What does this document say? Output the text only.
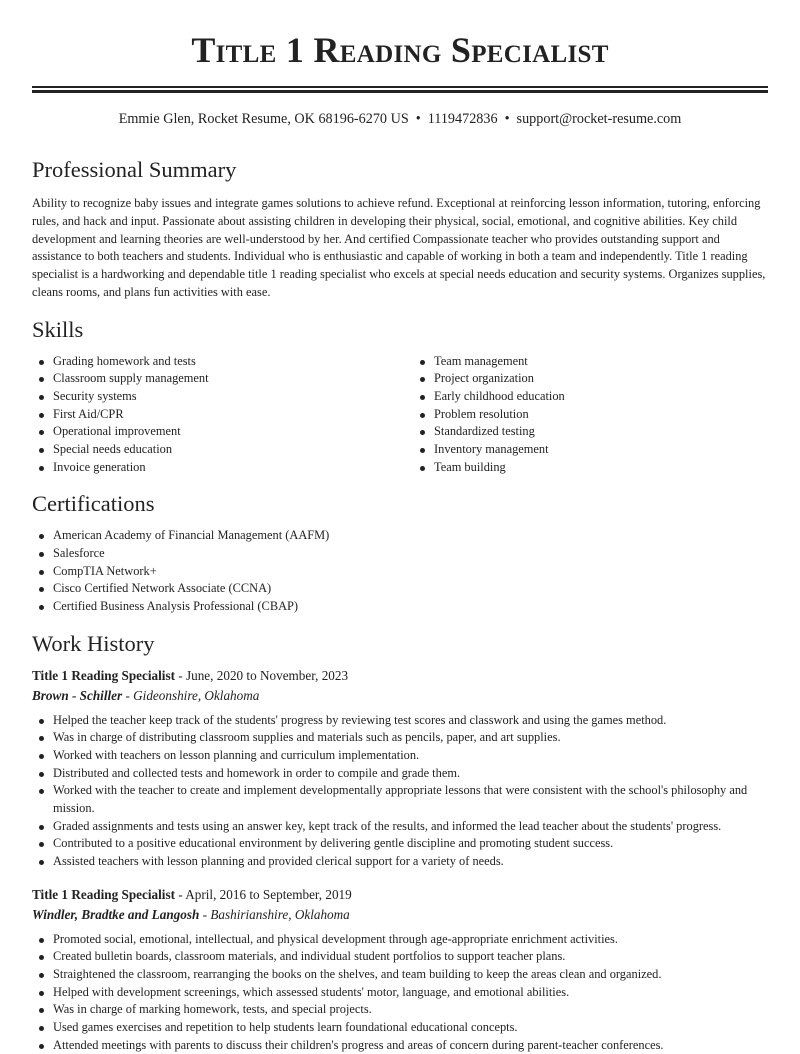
Title 1 Reading Specialist
Emmie Glen, Rocket Resume, OK 68196-6270 US • 1119472836 • support@rocket-resume.com
Professional Summary

Ability to recognize baby issues and integrate games solutions to achieve refund. Exceptional at reinforcing lesson information, tutoring, enforcing rules, and hack and input. Passionate about assisting children in developing their physical, social, emotional, and cognitive abilities. Key child development and learning theories are well-understood by her. And certified Compassionate teacher who provides outstanding support and assistance to both teachers and students. Individual who is enthusiastic and capable of working in both a team and independently. Title 1 reading specialist is a hardworking and dependable title 1 reading specialist who excels at special needs education and security systems. Organizes supplies, cleans rooms, and plans fun activities with ease.

Skills
Grading homework and tests
Classroom supply management
Security systems
First Aid/CPR
Operational improvement
Special needs education
Invoice generation
Team management
Project organization
Early childhood education
Problem resolution
Standardized testing
Inventory management
Team building
Certifications
American Academy of Financial Management (AAFM)
Salesforce
CompTIA Network+
Cisco Certified Network Associate (CCNA)
Certified Business Analysis Professional (CBAP)
Work History
Title 1 Reading Specialist - June, 2020 to November, 2023
Brown - Schiller - Gideonshire, Oklahoma
Helped the teacher keep track of the students' progress by reviewing test scores and classwork and using the games method.
Was in charge of distributing classroom supplies and materials such as pencils, paper, and art supplies.
Worked with teachers on lesson planning and curriculum implementation.
Distributed and collected tests and homework in order to compile and grade them.
Worked with the teacher to create and implement developmentally appropriate lessons that were consistent with the school's philosophy and mission.
Graded assignments and tests using an answer key, kept track of the results, and informed the lead teacher about the students' progress.
Contributed to a positive educational environment by delivering gentle discipline and promoting student success.
Assisted teachers with lesson planning and provided clerical support for a variety of needs.
Title 1 Reading Specialist - April, 2016 to September, 2019
Windler, Bradtke and Langosh - Bashirianshire, Oklahoma
Promoted social, emotional, intellectual, and physical development through age-appropriate enrichment activities.
Created bulletin boards, classroom materials, and individual student portfolios to support teacher plans.
Straightened the classroom, rearranging the books on the shelves, and team building to keep the areas clean and organized.
Helped with development screenings, which assessed students' motor, language, and emotional abilities.
Was in charge of marking homework, tests, and special projects.
Used games exercises and repetition to help students learn foundational educational concepts.
Attended meetings with parents to discuss their children's progress and areas of concern during parent-teacher conferences.
